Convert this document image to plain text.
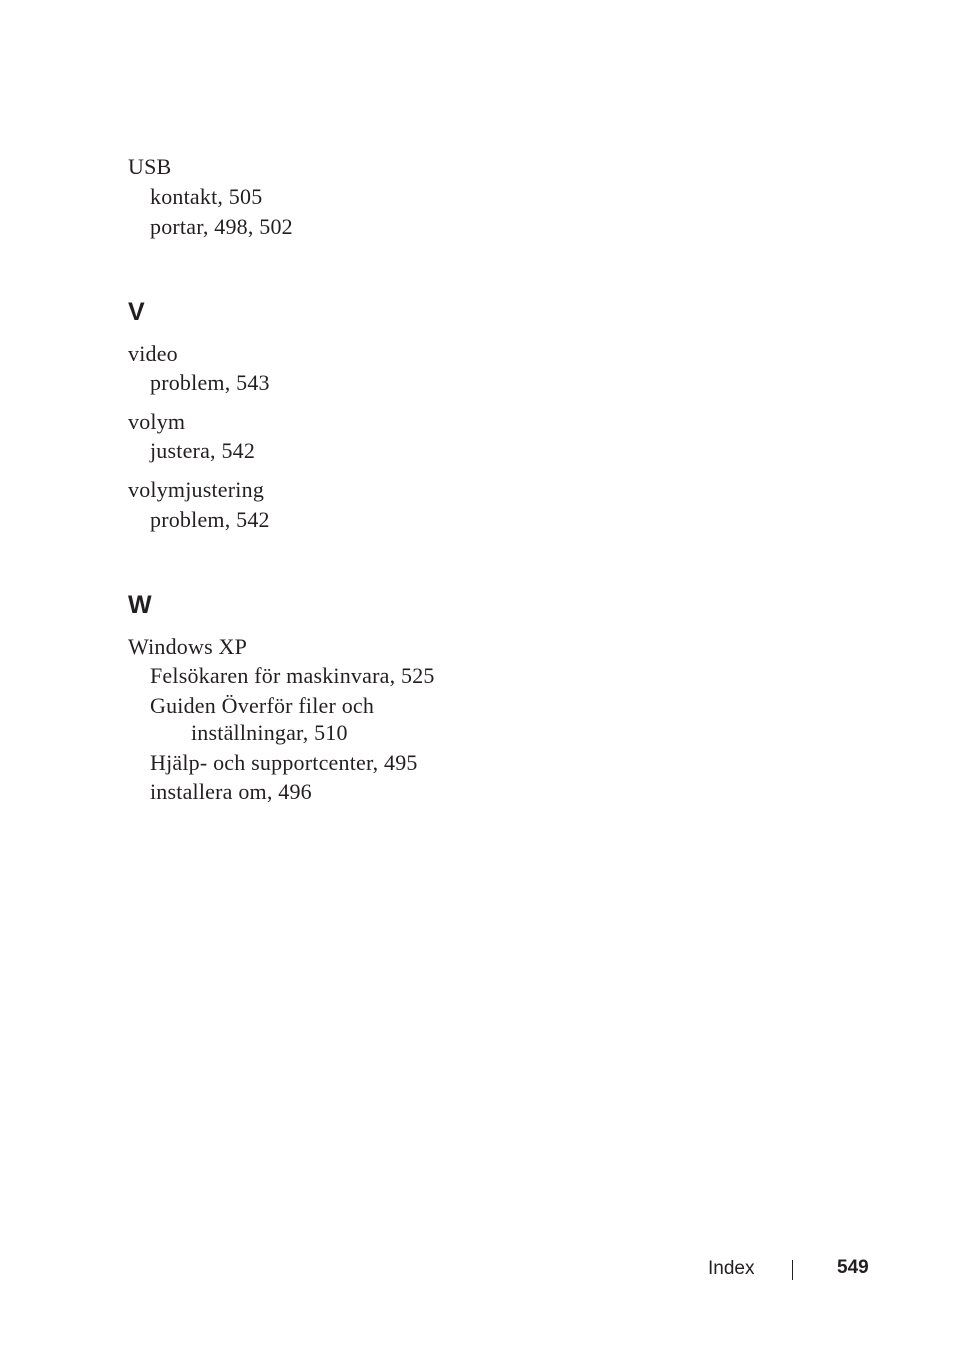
USB
kontakt, 505
portar, 498, 502
V
video
problem, 543
volym
justera, 542
volymjustering
problem, 542
W
Windows XP
Felsökaren för maskinvara, 525
Guiden Överför filer och
inställningar, 510
Hjälp- och supportcenter, 495
installera om, 496
Index	549
